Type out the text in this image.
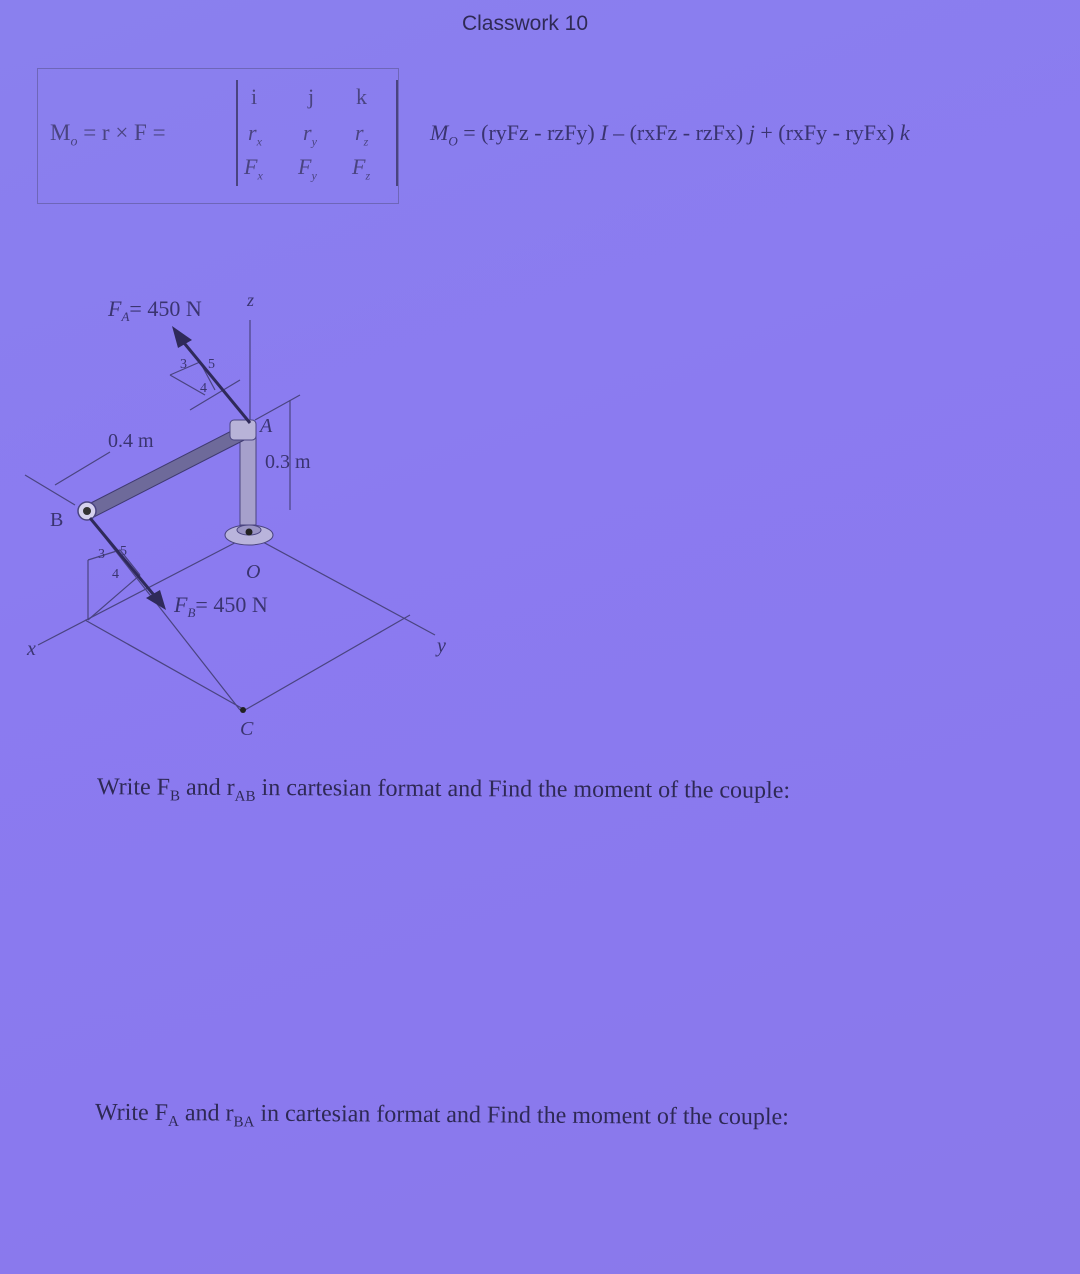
Classwork 10
$M_o = r \times F$ =
i j k
$r_x$ $r_y$ $r_z$
$F_x$ $F_y$ $F_z$
$M_O$ = (ryFz - rzFy) I – (rxFz - rzFx) j + (rxFy - ryFx) k
$F_A= 450$ N	z
0.4 m
A
0.3 m
B
O
$F_B= 450$ N
x	y
C
3 5
4
3 5
4
Write $F_B$ and $r_{AB}$ in cartesian format and Find the moment of the couple:
Write $F_A$ and $r_{BA}$ in cartesian format and Find the moment of the couple:
